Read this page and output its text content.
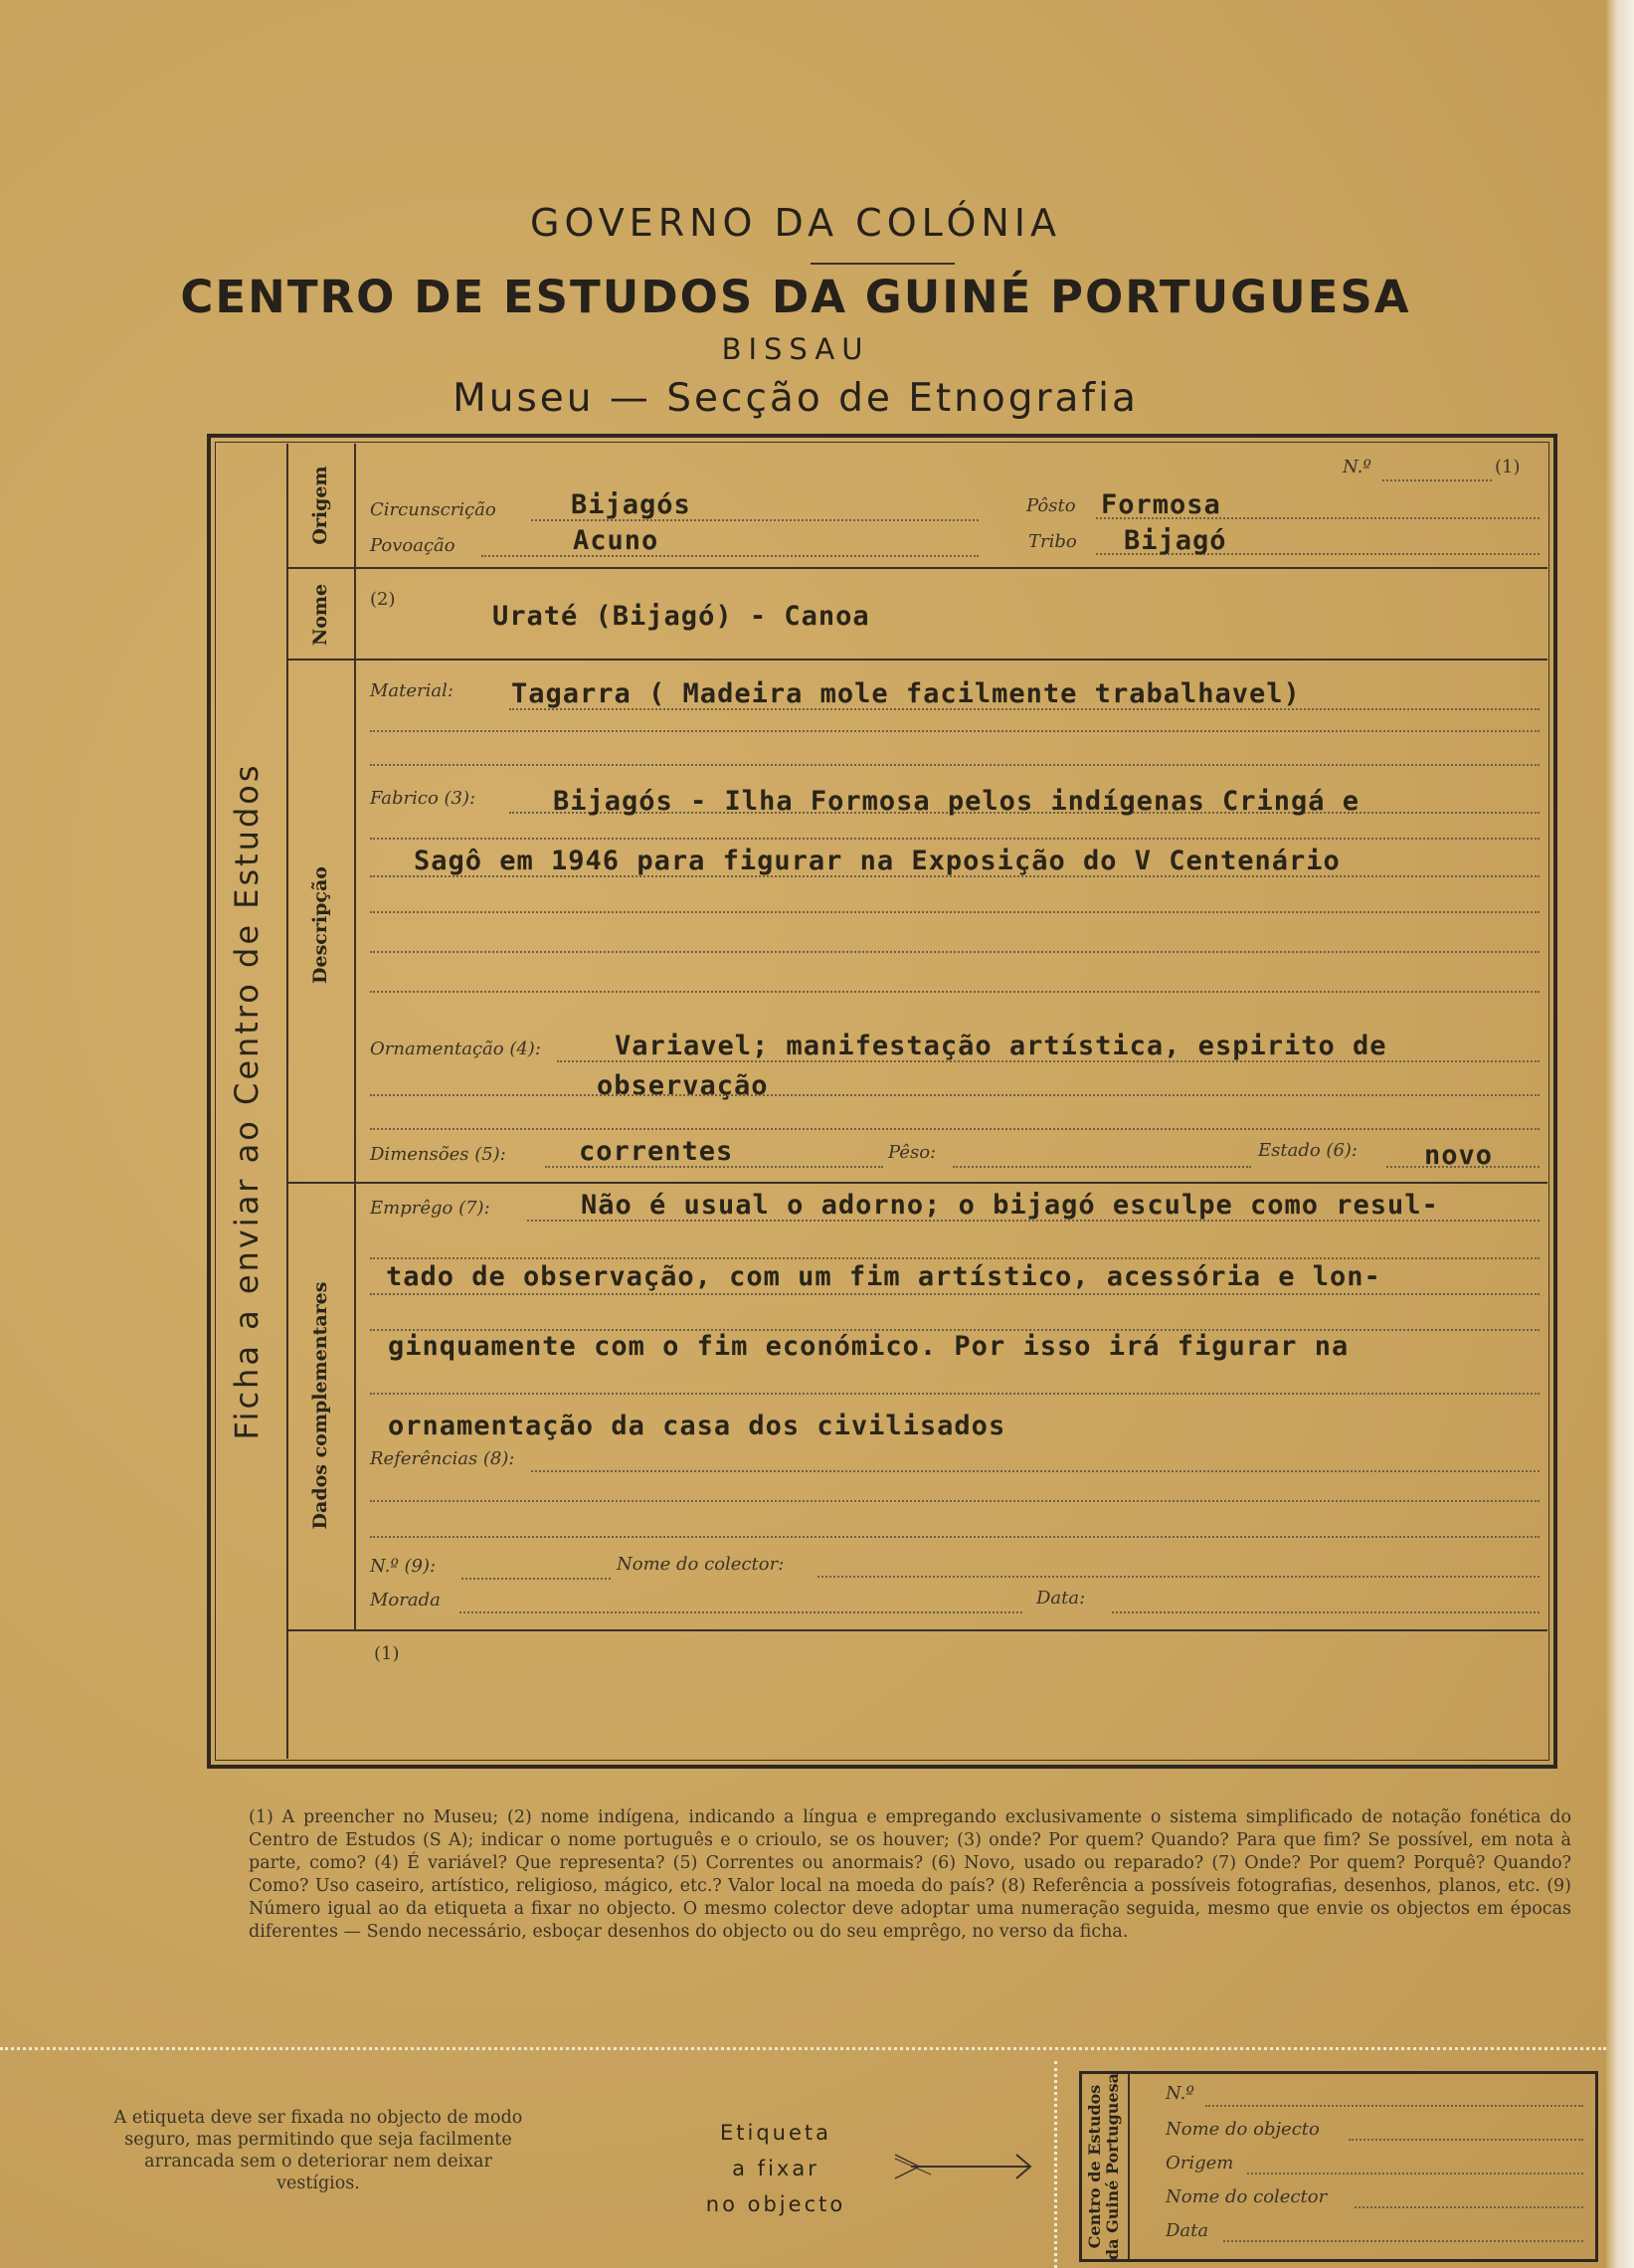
GOVERNO DA COLÓNIA
CENTRO DE ESTUDOS DA GUINÉ PORTUGUESA
BISSAU
Museu — Secção de Etnografia
Ficha a enviar ao Centro de Estudos
Origem
Nome
Descripção
Dados complementares
N.º	(1)
Circunscrição	Bijagós	Pôsto Formosa
Povoação	Acuno	Tribo Bijagó
(2)
Uraté (Bijagó) - Canoa
Material: Tagarra ( Madeira mole facilmente trabalhavel)
Fabrico (3):	Bijagós - Ilha Formosa pelos indígenas Cringá e
Sagô em 1946 para figurar na Exposição do V Centenário
Ornamentação (4):	Variavel; manifestação artística, espirito de
observação
Dimensões (5):	correntes	Pêso:	Estado (6): novo
Emprêgo (7):	Não é usual o adorno; o bijagó esculpe como resul-
tado de observação, com um fim artístico, acessória e lon-
ginquamente com o fim económico. Por isso irá figurar na
ornamentação da casa dos civilisados
Referências (8):
N.º (9):	Nome do colector:
Morada	Data:
(1)
(1) A preencher no Museu; (2) nome indígena, indicando a língua e empregando exclusivamente o sistema simplificado de notação fonética do Centro de Estudos (S A); indicar o nome português e o crioulo, se os houver; (3) onde? Por quem? Quando? Para que fim? Se possível, em nota à parte, como? (4) É variável? Que representa? (5) Correntes ou anormais? (6) Novo, usado ou reparado? (7) Onde? Por quem? Porquê? Quando? Como? Uso caseiro, artístico, religioso, mágico, etc.? Valor local na moeda do país? (8) Referência a possíveis fotografias, desenhos, planos, etc. (9) Número igual ao da etiqueta a fixar no objecto. O mesmo colector deve adoptar uma numeração seguida, mesmo que envie os objectos em épocas diferentes — Sendo necessário, esboçar desenhos do objecto ou do seu emprêgo, no verso da ficha.
A etiqueta deve ser fixada no objecto de modo seguro, mas permitindo que seja facilmente arrancada sem o deteriorar nem deixar vestígios.
Etiqueta
a fixar
no objecto	Centro de Estudos da Guiné Portuguesa N.º
Nome do objecto
Origem
Nome do colector
Data
